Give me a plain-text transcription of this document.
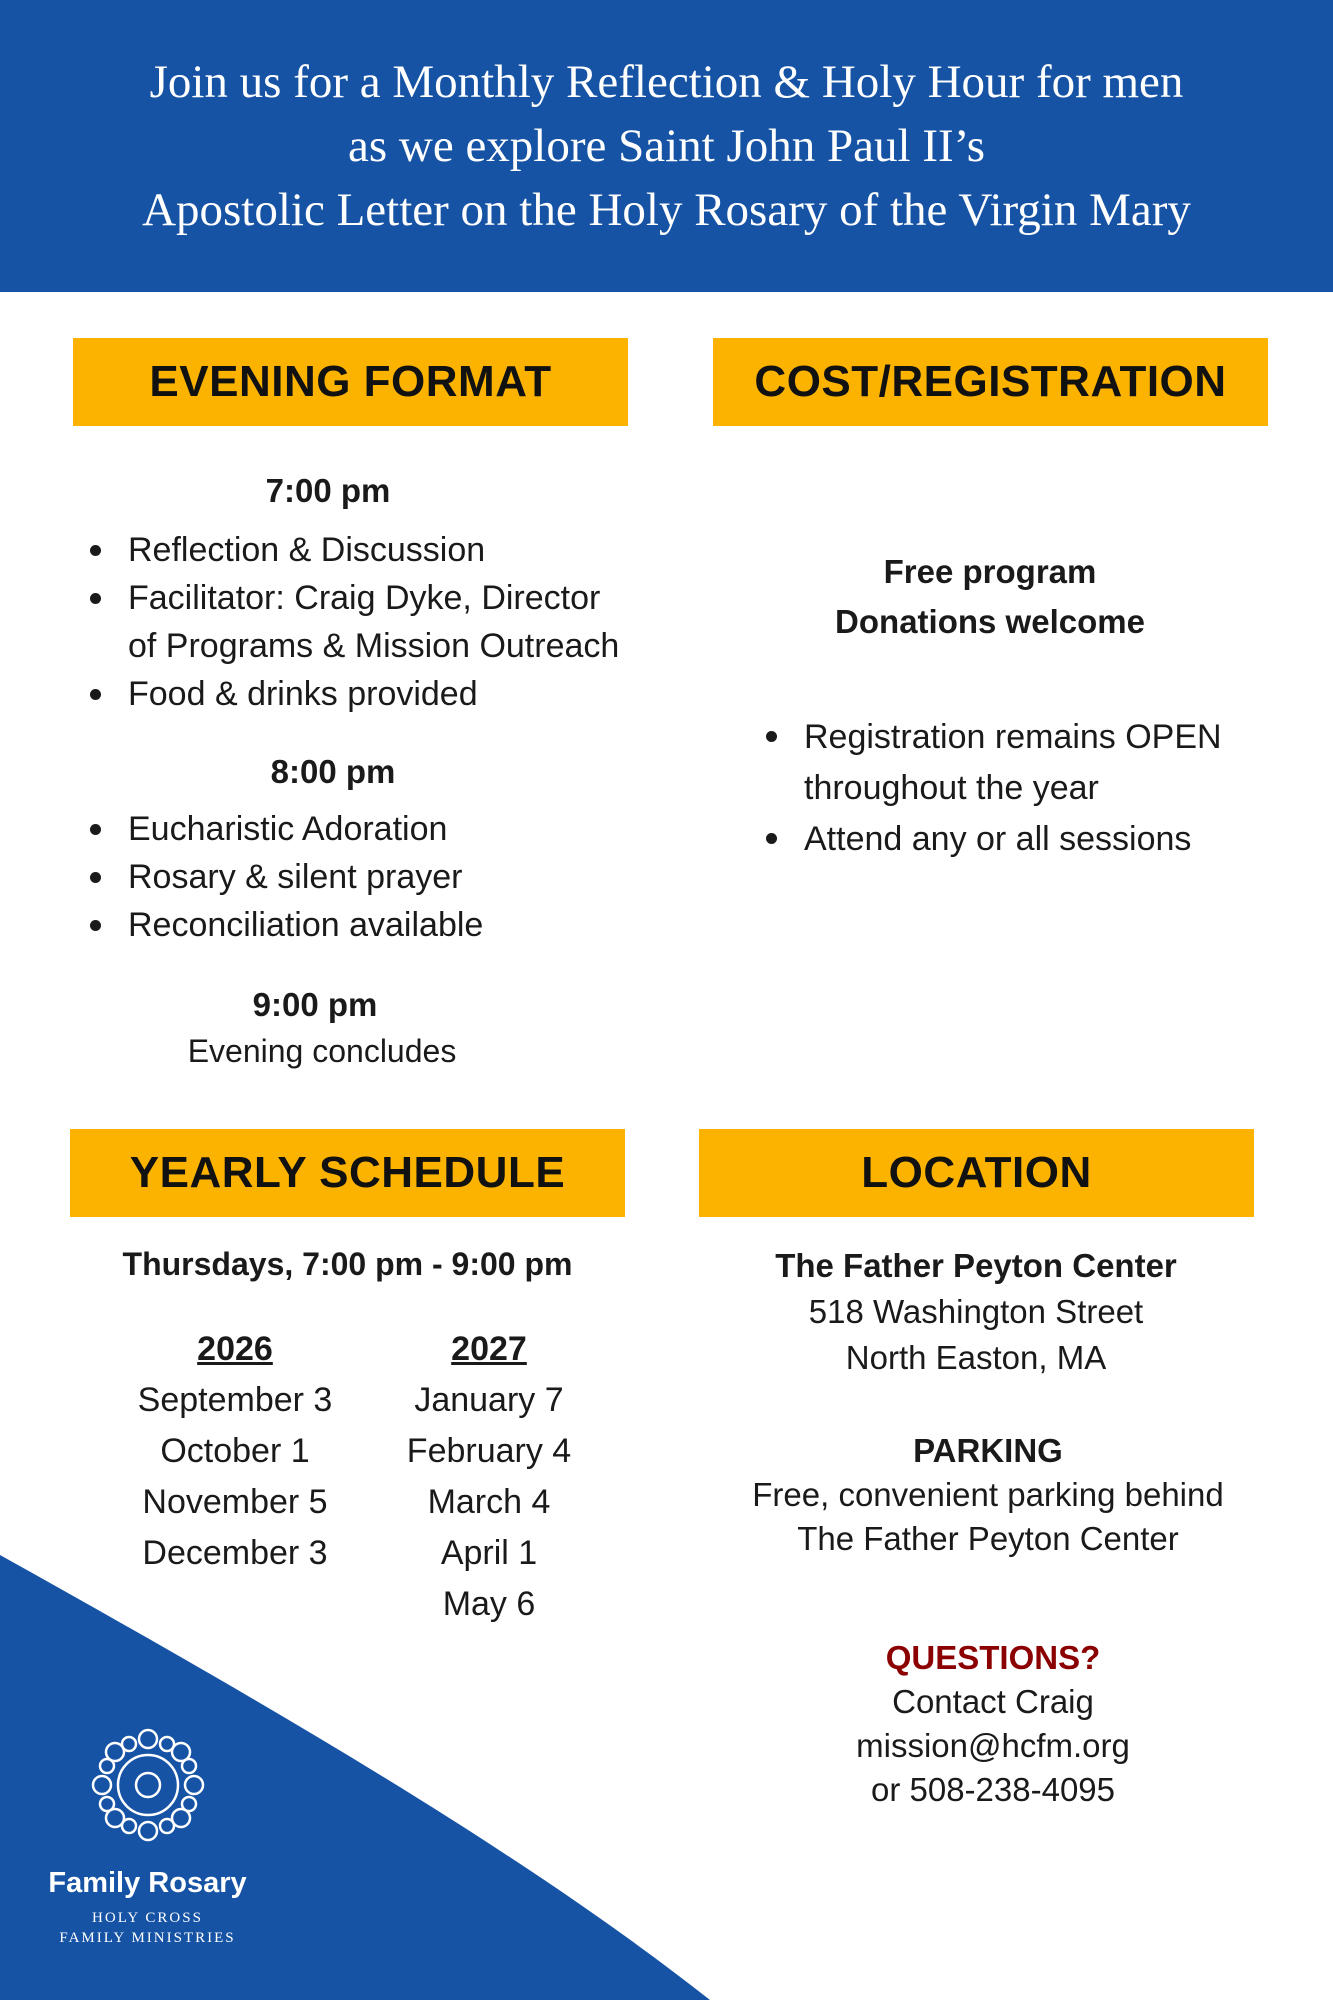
Join us for a Monthly Reflection & Holy Hour for men
as we explore Saint John Paul II’s
Apostolic Letter on the Holy Rosary of the Virgin Mary
EVENING FORMAT
7:00 pm
Reflection & Discussion
Facilitator: Craig Dyke, Director
of Programs & Mission Outreach
Food & drinks provided
8:00 pm
Eucharistic Adoration
Rosary & silent prayer
Reconciliation available
9:00 pm
Evening concludes
COST/REGISTRATION
Free program
Donations welcome
Registration remains OPEN
throughout the year
Attend any or all sessions
YEARLY SCHEDULE
Thursdays, 7:00 pm - 9:00 pm
2026
September 3
October 1
November 5
December 3
2027
January 7
February 4
March 4
April 1
May 6
LOCATION
The Father Peyton Center
518 Washington Street
North Easton, MA
PARKING
Free, convenient parking behind
The Father Peyton Center
QUESTIONS?
Contact Craig
mission@hcfm.org
or 508-238-4095
Family Rosary
HOLY CROSS
FAMILY MINISTRIES
